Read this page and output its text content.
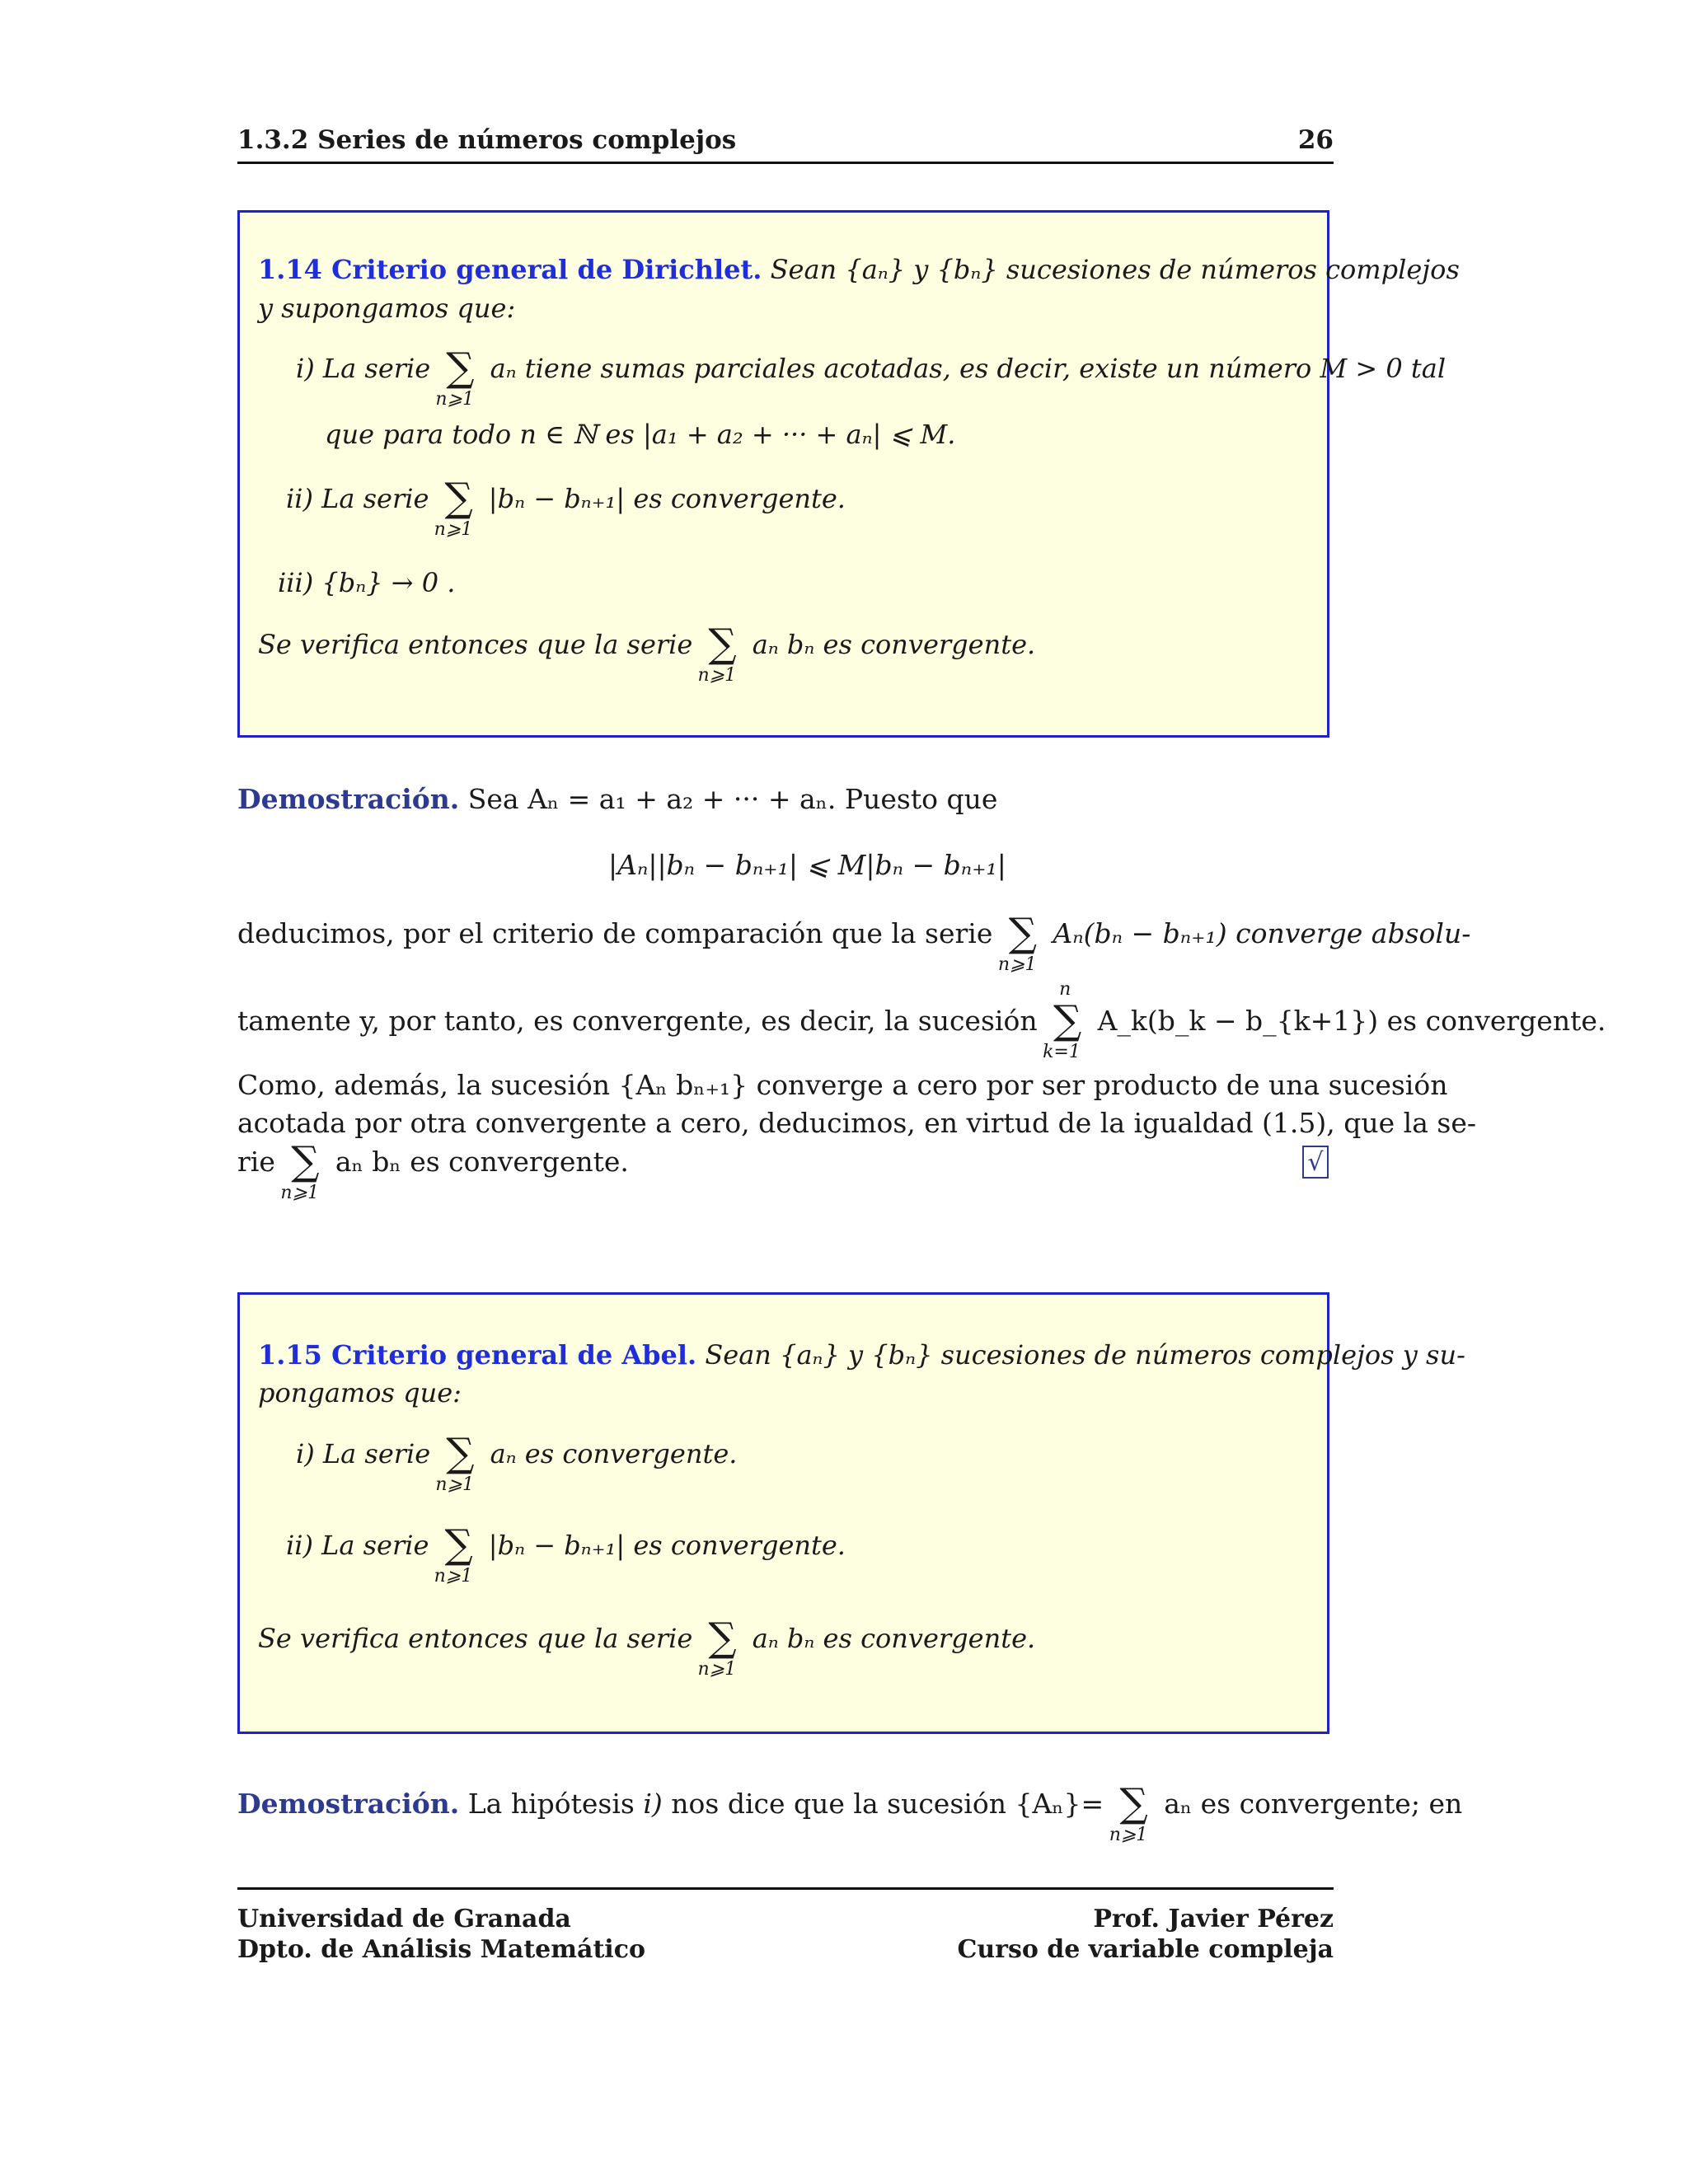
1.3.2 Series de números complejos	26
1.14 Criterio general de Dirichlet. Sean {aₙ} y {bₙ} sucesiones de números complejos
y supongamos que:
i) La serie ∑
n⩾1
aₙ tiene sumas parciales acotadas, es decir, existe un número M > 0 tal
que para todo n ∈ ℕ es |a₁ + a₂ + ··· + aₙ| ⩽ M.
ii) La serie ∑
n⩾1
|bₙ − bₙ₊₁| es convergente.
iii) {bₙ} → 0 .
Se verifica entonces que la serie ∑
n⩾1
aₙ bₙ es convergente.
Demostración. Sea Aₙ = a₁ + a₂ + ··· + aₙ. Puesto que
|Aₙ||bₙ − bₙ₊₁| ⩽ M|bₙ − bₙ₊₁|
deducimos, por el criterio de comparación que la serie ∑
n⩾1
Aₙ(bₙ − bₙ₊₁) converge absolu-
tamente y, por tanto, es convergente, es decir, la sucesión
n
∑
k=1
A_k(b_k − b_{k+1}) es convergente.
Como, además, la sucesión {Aₙ bₙ₊₁} converge a cero por ser producto de una sucesión
acotada por otra convergente a cero, deducimos, en virtud de la igualdad (1.5), que la se-
rie ∑
n⩾1
aₙ bₙ es convergente.	√
1.15 Criterio general de Abel. Sean {aₙ} y {bₙ} sucesiones de números complejos y su-
pongamos que:
i) La serie ∑
n⩾1
aₙ es convergente.
ii) La serie ∑
n⩾1
|bₙ − bₙ₊₁| es convergente.
Se verifica entonces que la serie ∑
n⩾1
aₙ bₙ es convergente.
Demostración. La hipótesis i) nos dice que la sucesión {Aₙ}= ∑
n⩾1
aₙ es convergente; en
Universidad de Granada
Dpto. de Análisis Matemático
Prof. Javier Pérez
Curso de variable compleja
